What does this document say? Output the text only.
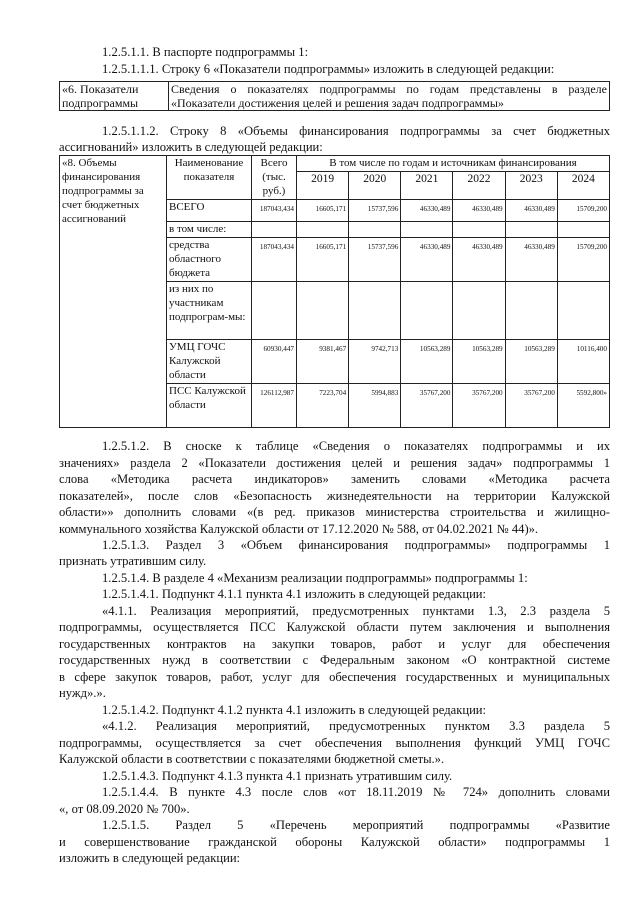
1.2.5.1.1. В паспорте подпрограммы 1:
1.2.5.1.1.1. Строку 6 «Показатели подпрограммы» изложить в следующей редакции:
«6. Показатели подпрограммы	Сведения о показателях подпрограммы по годам представлены в разделе «Показатели достижения целей и решения задач подпрограммы»
1.2.5.1.1.2. Строку 8 «Объемы финансирования подпрограммы за счет бюджетных
ассигнований» изложить в следующей редакции:
«8. Объемы финансирования подпрограммы за счет бюджетных ассигнований	Наименование показателя	Всего (тыс. руб.)	В том числе по годам и источникам финансирования					
			2019	2020	2021	2022	2023	2024
	ВСЕГО	187043,434	16605,171	15737,596	46330,489	46330,489	46330,489	15709,200
	в том числе:							
	средства областного бюджета	187043,434	16605,171	15737,596	46330,489	46330,489	46330,489	15709,200
	из них по участникам подпрограм-мы:							
	УМЦ ГОЧС Калужской области	60930,447	9381,467	9742,713	10563,289	10563,289	10563,289	10116,400
	ПСС Калужской области	126112,987	7223,704	5994,883	35767,200	35767,200	35767,200	5592,800»
1.2.5.1.2. В сноске к таблице «Сведения о показателях подпрограммы и их
значениях» раздела 2 «Показатели достижения целей и решения задач» подпрограммы 1
слова «Методика расчета индикаторов» заменить словами «Методика расчета
показателей», после слов «Безопасность жизнедеятельности на территории Калужской
области»» дополнить словами «(в ред. приказов министерства строительства и жилищно-
коммунального хозяйства Калужской области от 17.12.2020 № 588, от 04.02.2021 № 44)».
1.2.5.1.3. Раздел 3 «Объем финансирования подпрограммы» подпрограммы 1
признать утратившим силу.
1.2.5.1.4. В разделе 4 «Механизм реализации подпрограммы» подпрограммы 1:
1.2.5.1.4.1. Подпункт 4.1.1 пункта 4.1 изложить в следующей редакции:
«4.1.1. Реализация мероприятий, предусмотренных пунктами 1.3, 2.3 раздела 5
подпрограммы, осуществляется ПСС Калужской области путем заключения и выполнения
государственных контрактов на закупки товаров, работ и услуг для обеспечения
государственных нужд в соответствии с Федеральным законом «О контрактной системе
в сфере закупок товаров, работ, услуг для обеспечения государственных и муниципальных
нужд».».
1.2.5.1.4.2. Подпункт 4.1.2 пункта 4.1 изложить в следующей редакции:
«4.1.2. Реализация мероприятий, предусмотренных пунктом 3.3 раздела 5
подпрограммы, осуществляется за счет обеспечения выполнения функций УМЦ ГОЧС
Калужской области в соответствии с показателями бюджетной сметы.».
1.2.5.1.4.3. Подпункт 4.1.3 пункта 4.1 признать утратившим силу.
1.2.5.1.4.4. В пункте 4.3 после слов «от 18.11.2019 № 724» дополнить словами
«, от 08.09.2020 № 700».
1.2.5.1.5. Раздел 5 «Перечень мероприятий подпрограммы «Развитие
и совершенствование гражданской обороны Калужской области» подпрограммы 1
изложить в следующей редакции:
